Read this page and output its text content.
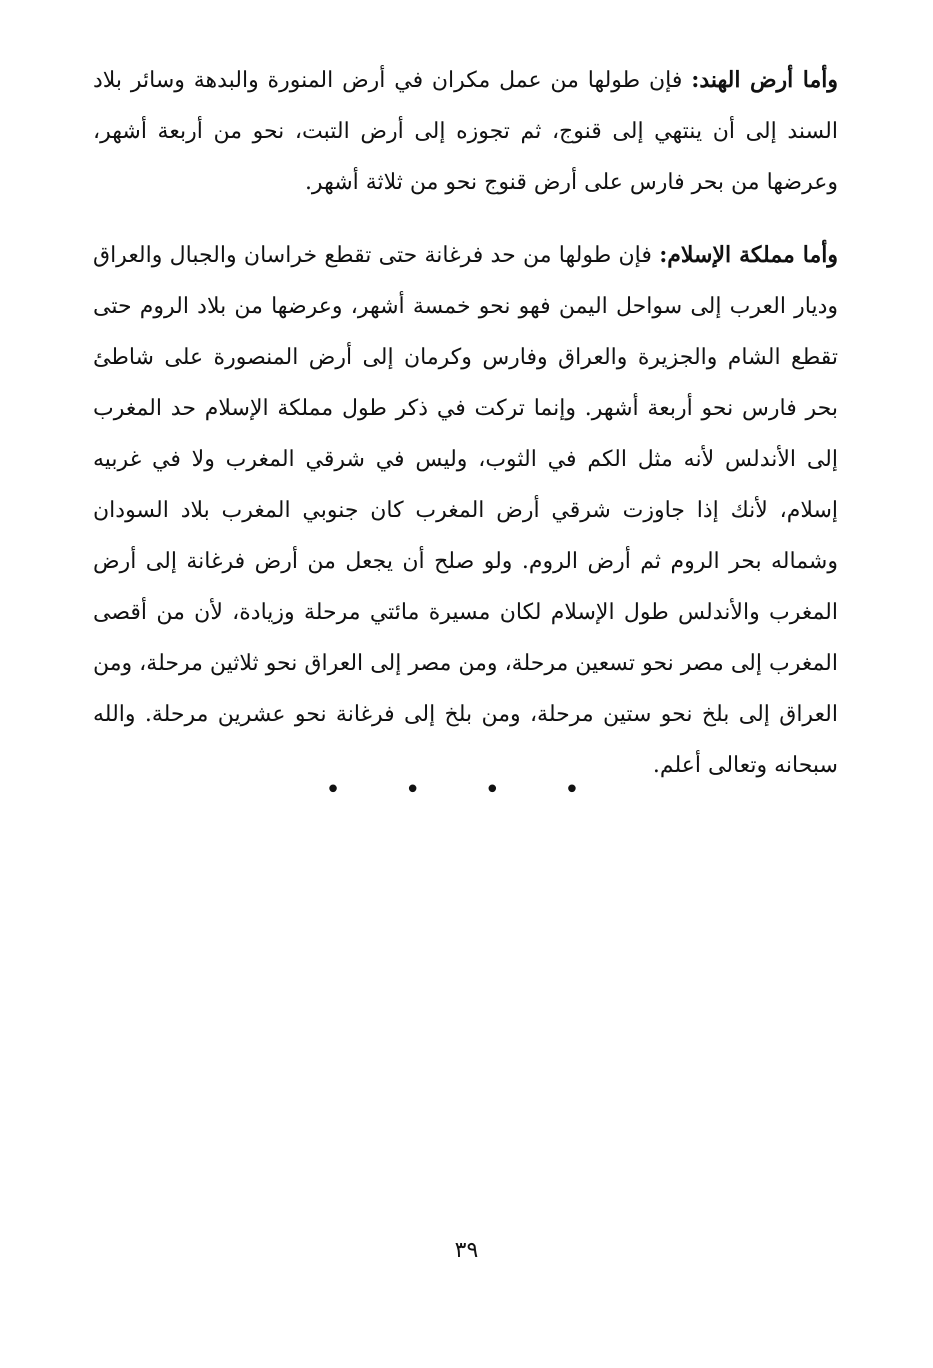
وأما أرض الهند: فإن طولها من عمل مكران في أرض المنورة والبدهة وسائر بلاد السند إلى أن ينتهي إلى قنوج، ثم تجوزه إلى أرض التبت، نحو من أربعة أشهر، وعرضها من بحر فارس على أرض قنوج نحو من ثلاثة أشهر.

وأما مملكة الإسلام: فإن طولها من حد فرغانة حتى تقطع خراسان والجبال والعراق وديار العرب إلى سواحل اليمن فهو نحو خمسة أشهر، وعرضها من بلاد الروم حتى تقطع الشام والجزيرة والعراق وفارس وكرمان إلى أرض المنصورة على شاطئ بحر فارس نحو أربعة أشهر. وإنما تركت في ذكر طول مملكة الإسلام حد المغرب إلى الأندلس لأنه مثل الكم في الثوب، وليس في شرقي المغرب ولا في غربيه إسلام، لأنك إذا جاوزت شرقي أرض المغرب كان جنوبي المغرب بلاد السودان وشماله بحر الروم ثم أرض الروم. ولو صلح أن يجعل من أرض فرغانة إلى أرض المغرب والأندلس طول الإسلام لكان مسيرة مائتي مرحلة وزيادة، لأن من أقصى المغرب إلى مصر نحو تسعين مرحلة، ومن مصر إلى العراق نحو ثلاثين مرحلة، ومن العراق إلى بلخ نحو ستين مرحلة، ومن بلخ إلى فرغانة نحو عشرين مرحلة. والله سبحانه وتعالى أعلم.

• • • •
٣٩
